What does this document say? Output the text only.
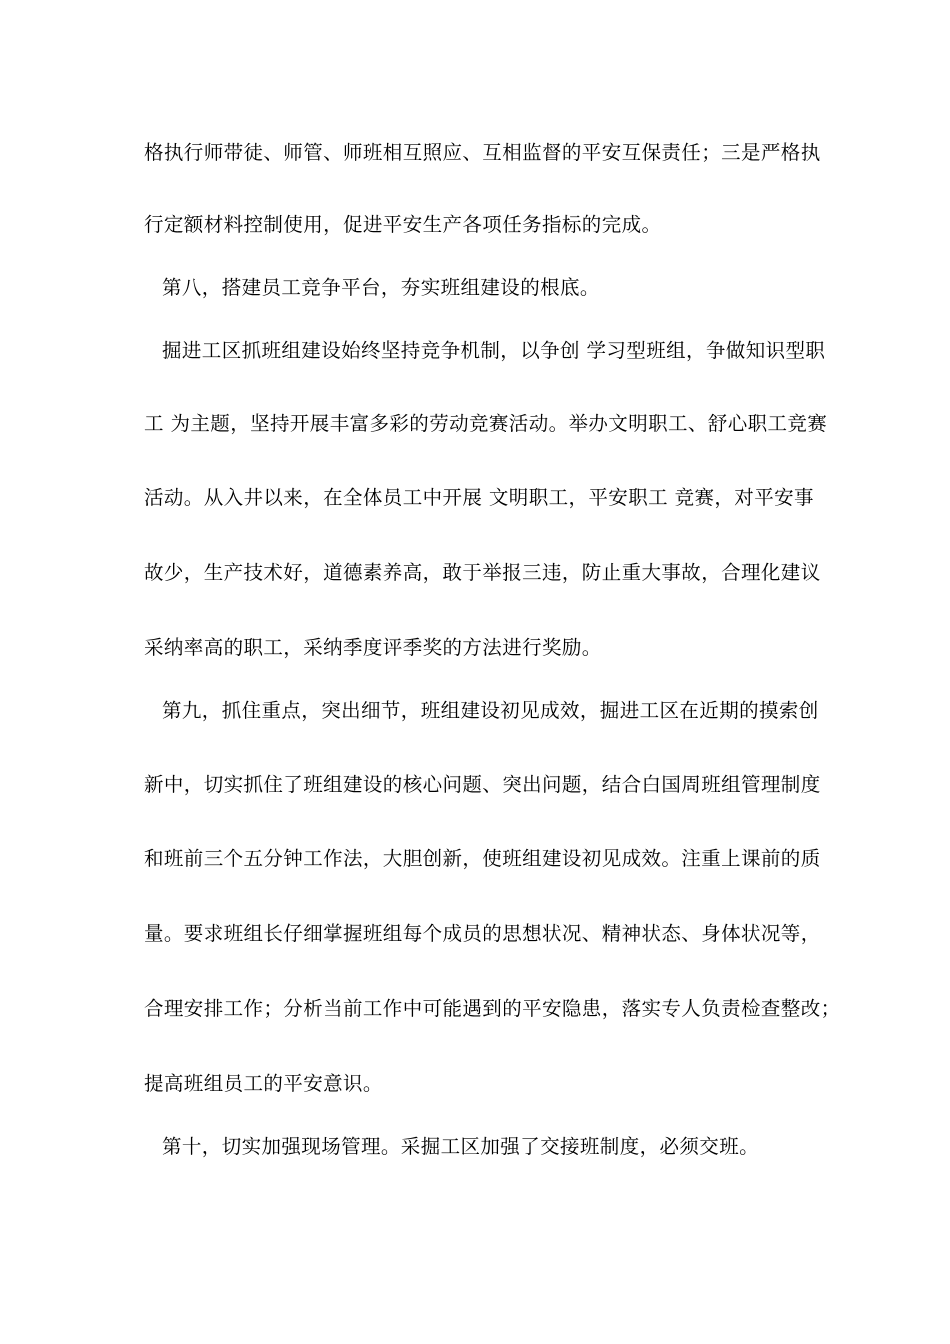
格执行师带徒、师管、师班相互照应、互相监督的平安互保责任；三是严格执
行定额材料控制使用，促进平安生产各项任务指标的完成。
第八，搭建员工竞争平台，夯实班组建设的根底。
掘进工区抓班组建设始终坚持竞争机制，以争创 学习型班组，争做知识型职
工 为主题，坚持开展丰富多彩的劳动竞赛活动。举办文明职工、舒心职工竞赛
活动。从入井以来，在全体员工中开展 文明职工，平安职工 竞赛，对平安事
故少，生产技术好，道德素养高，敢于举报三违，防止重大事故，合理化建议
采纳率高的职工，采纳季度评季奖的方法进行奖励。
第九，抓住重点，突出细节，班组建设初见成效，掘进工区在近期的摸索创
新中，切实抓住了班组建设的核心问题、突出问题，结合白国周班组管理制度
和班前三个五分钟工作法，大胆创新，使班组建设初见成效。注重上课前的质
量。要求班组长仔细掌握班组每个成员的思想状况、精神状态、身体状况等，
合理安排工作；分析当前工作中可能遇到的平安隐患，落实专人负责检查整改；
提高班组员工的平安意识。
第十，切实加强现场管理。采掘工区加强了交接班制度，必须交班。
